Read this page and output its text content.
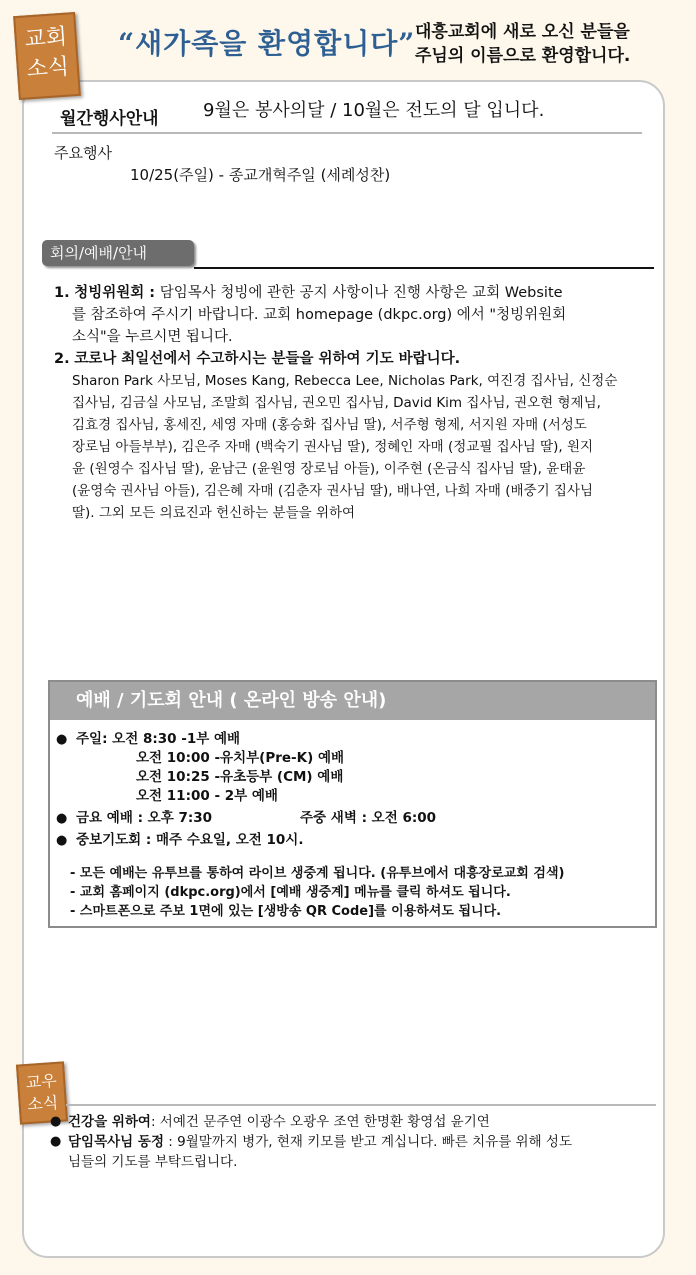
교회
소식
“새가족을 환영합니다” 대흥교회에 새로 오신 분들을
주님의 이름으로 환영합니다.
월간행사안내 9월은 봉사의달 / 10월은 전도의 달 입니다.
주요행사
10/25(주일) - 종교개혁주일 (세례성찬)
회의/예배/안내
1. 청빙위원회 : 담임목사 청빙에 관한 공지 사항이나 진행 사항은 교회 Website
를 참조하여 주시기 바랍니다. 교회 homepage (dkpc.org) 에서 "청빙위원회
소식"을 누르시면 됩니다.
2. 코로나 최일선에서 수고하시는 분들을 위하여 기도 바랍니다.
Sharon Park 사모님, Moses Kang, Rebecca Lee, Nicholas Park, 여진경 집사님, 신정순
집사님, 김금실 사모님, 조말희 집사님, 권오민 집사님, David Kim 집사님, 권오현 형제님,
김효경 집사님, 홍세진, 세영 자매 (홍승화 집사님 딸), 서주형 형제, 서지원 자매 (서성도
장로님 아들부부), 김은주 자매 (백숙기 권사님 딸), 정혜인 자매 (정교필 집사님 딸), 원지
윤 (원영수 집사님 딸), 윤남근 (윤원영 장로님 아들), 이주현 (온금식 집사님 딸), 윤태윤
(윤영숙 권사님 아들), 김은혜 자매 (김춘자 권사님 딸), 배나연, 나희 자매 (배중기 집사님
딸). 그외 모든 의료진과 헌신하는 분들을 위하여
예배 / 기도회 안내 ( 온라인 방송 안내)
● 주일: 오전 8:30 -1부 예배
오전 10:00 -유치부(Pre-K) 예배
오전 10:25 -유초등부 (CM) 예배
오전 11:00 - 2부 예배
● 금요 예배 : 오후 7:30	주중 새벽 : 오전 6:00
● 중보기도회 : 매주 수요일, 오전 10시.
- 모든 예배는 유투브를 통하여 라이브 생중계 됩니다. (유투브에서 대흥장로교회 검색)
- 교회 홈페이지 (dkpc.org)에서 [예배 생중계] 메뉴를 클릭 하셔도 됩니다.
- 스마트폰으로 주보 1면에 있는 [생방송 QR Code]를 이용하셔도 됩니다.
교우
소식
● 건강을 위하여: 서예건 문주연 이광수 오광우 조연 한명환 황영섭 윤기연
● 담임목사님 동정 : 9월말까지 병가, 현재 키모를 받고 계십니다. 빠른 치유를 위해 성도
님들의 기도를 부탁드립니다.
